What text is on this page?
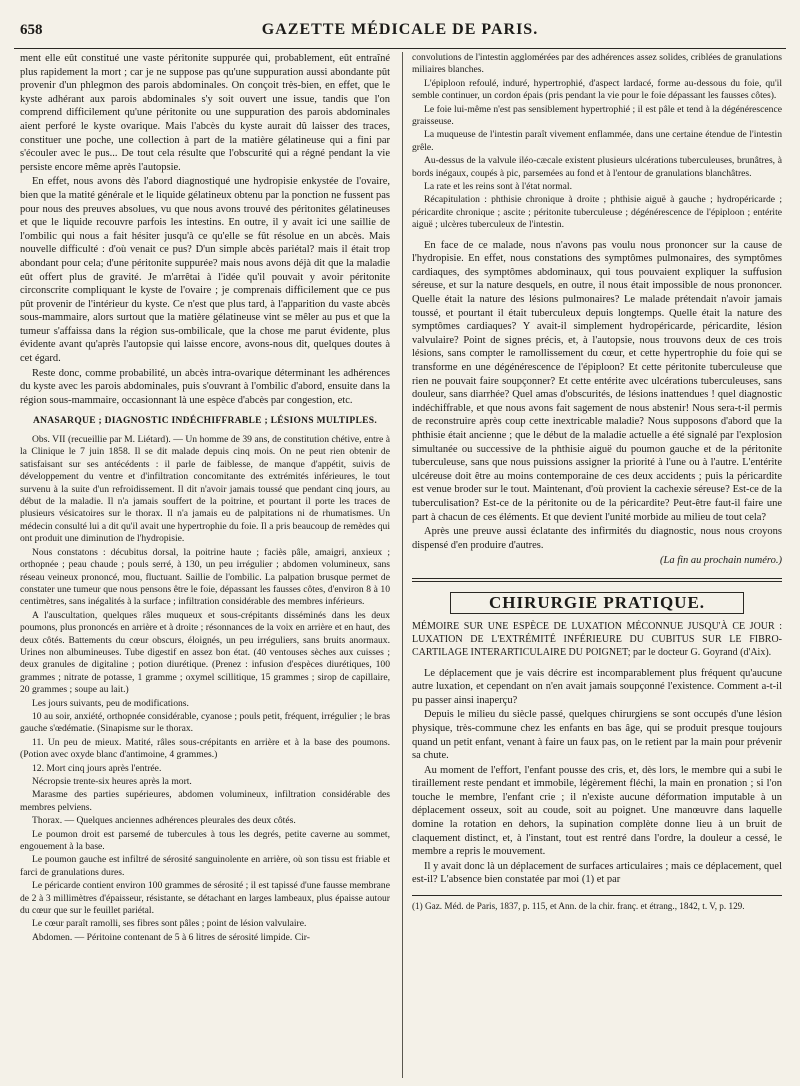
658	GAZETTE MÉDICALE DE PARIS.

ment elle eût constitué une vaste péritonite suppurée qui, probablement, eût entraîné plus rapidement la mort ; car je ne suppose pas qu'une suppuration aussi abondante pût provenir d'un phlegmon des parois abdominales. On conçoit très-bien, en effet, que le kyste adhérant aux parois abdominales s'y soit ouvert une issue, tandis que l'on comprend difficilement qu'une péritonite ou une suppuration des parois abdominales aient perforé le kyste ovarique. Mais l'abcès du kyste aurait dû laisser des traces, constituer une poche, une collection à part de la matière gélatineuse qui a fini par s'écouler avec le pus... De tout cela résulte que l'obscurité qui a régné pendant la vie persiste encore même après l'autopsie.

En effet, nous avons dès l'abord diagnostiqué une hydropisie enkystée de l'ovaire, bien que la matité générale et le liquide gélatineux obtenu par la ponction ne fussent pas pour nous des preuves absolues, vu que nous avons trouvé des péritonites gélatineuses et que le liquide recouvre parfois les intestins. En outre, il y avait ici une saillie de l'ombilic qui nous a fait hésiter jusqu'à ce qu'elle se fût résolue en un abcès. Mais nouvelle difficulté : d'où venait ce pus? D'un simple abcès pariétal? mais il était trop abondant pour cela; d'une péritonite suppurée? mais nous avons déjà dit que la maladie eût offert plus de gravité. Je m'arrêtai à l'idée qu'il pouvait y avoir péritonite circonscrite compliquant le kyste de l'ovaire ; je comprenais difficilement que ce pus pût provenir de l'intérieur du kyste. Ce n'est que plus tard, à l'apparition du vaste abcès sous-mammaire, alors surtout que la matière gélatineuse vint se mêler au pus et que la tumeur s'affaissa dans la région sus-ombilicale, que la chose me parut évidente, plus évidente avant qu'après l'autopsie qui laisse encore, avons-nous dit, quelques doutes à cet égard.

Reste donc, comme probabilité, un abcès intra-ovarique déterminant les adhérences du kyste avec les parois abdominales, puis s'ouvrant à l'ombilic d'abord, ensuite dans la région sous-mammaire, occasionnant là une espèce d'abcès par congestion, etc.

ANASARQUE ; DIAGNOSTIC INDÉCHIFFRABLE ; LÉSIONS MULTIPLES.

Obs. VII (recueillie par M. Liétard). — Un homme de 39 ans, de constitution chétive, entre à la Clinique le 7 juin 1858. Il se dit malade depuis cinq mois. On ne peut rien obtenir de satisfaisant sur ses antécédents : il parle de faiblesse, de manque d'appétit, suivis de développement du ventre et d'infiltration concomitante des extrémités inférieures, le tout survenu à la suite d'un refroidissement. Il dit n'avoir jamais toussé que pendant cinq jours, au début de la maladie. Il n'a jamais souffert de la poitrine, et pourtant il porte les traces de plusieurs vésicatoires sur le thorax. Il n'a jamais eu de palpitations ni de rhumatismes. Un médecin consulté lui a dit qu'il avait une hypertrophie du foie. Il a pris beaucoup de remèdes qui ont produit une diminution de l'hydropisie.

Nous constatons : décubitus dorsal, la poitrine haute ; faciès pâle, amaigri, anxieux ; orthopnée ; peau chaude ; pouls serré, à 130, un peu irrégulier ; abdomen volumineux, sans réseau veineux prononcé, mou, fluctuant. Saillie de l'ombilic. La palpation brusque permet de constater une tumeur que nous pensons être le foie, dépassant les fausses côtes, d'environ 8 à 10 centimètres, sans inégalités à la surface ; infiltration considérable des membres inférieurs.

A l'auscultation, quelques râles muqueux et sous-crépitants disséminés dans les deux poumons, plus prononcés en arrière et à droite ; résonnances de la voix en arrière et en haut, des deux côtés. Battements du cœur obscurs, éloignés, un peu irréguliers, sans bruits anormaux. Urines non albumineuses. Tube digestif en assez bon état. (40 ventouses sèches aux cuisses ; deux granules de digitaline ; potion diurétique. (Prenez : infusion d'espèces diurétiques, 100 grammes ; nitrate de potasse, 1 gramme ; oxymel scillitique, 15 grammes ; sirop de capillaire, 20 grammes ; soupe au lait.)

Les jours suivants, peu de modifications.

10 au soir, anxiété, orthopnée considérable, cyanose ; pouls petit, fréquent, irrégulier ; le bras gauche s'œdématie. (Sinapisme sur le thorax.

11. Un peu de mieux. Matité, râles sous-crépitants en arrière et à la base des poumons. (Potion avec oxyde blanc d'antimoine, 4 grammes.)

12. Mort cinq jours après l'entrée.

Nécropsie trente-six heures après la mort.

Marasme des parties supérieures, abdomen volumineux, infiltration considérable des membres pelviens.

Thorax. — Quelques anciennes adhérences pleurales des deux côtés.

Le poumon droit est parsemé de tubercules à tous les degrés, petite caverne au sommet, engouement à la base.

Le poumon gauche est infiltré de sérosité sanguinolente en arrière, où son tissu est friable et farci de granulations dures.

Le péricarde contient environ 100 grammes de sérosité ; il est tapissé d'une fausse membrane de 2 à 3 millimètres d'épaisseur, résistante, se détachant en larges lambeaux, plus épaisse autour du cœur que sur le feuillet pariétal.

Le cœur paraît ramolli, ses fibres sont pâles ; point de lésion valvulaire.

Abdomen. — Péritoine contenant de 5 à 6 litres de sérosité limpide. Cir-

convolutions de l'intestin agglomérées par des adhérences assez solides, criblées de granulations miliaires blanches.

L'épiploon refoulé, induré, hypertrophié, d'aspect lardacé, forme au-dessous du foie, qu'il semble continuer, un cordon épais (pris pendant la vie pour le foie dépassant les fausses côtes).

Le foie lui-même n'est pas sensiblement hypertrophié ; il est pâle et tend à la dégénérescence graisseuse.

La muqueuse de l'intestin paraît vivement enflammée, dans une certaine étendue de l'intestin grêle.

Au-dessus de la valvule iléo-cæcale existent plusieurs ulcérations tuberculeuses, brunâtres, à bords inégaux, coupés à pic, parsemées au fond et à l'entour de granulations blanchâtres.

La rate et les reins sont à l'état normal.

Récapitulation : phthisie chronique à droite ; phthisie aiguë à gauche ; hydropéricarde ; péricardite chronique ; ascite ; péritonite tuberculeuse ; dégénérescence de l'épiploon ; entérite aiguë ; ulcères tuberculeux de l'intestin.

En face de ce malade, nous n'avons pas voulu nous prononcer sur la cause de l'hydropisie. En effet, nous constations des symptômes pulmonaires, des symptômes cardiaques, des symptômes abdominaux, qui tous pouvaient expliquer la suffusion séreuse, et sur la nature desquels, en outre, il nous était impossible de nous prononcer. Quelle était la nature des lésions pulmonaires? Le malade prétendait n'avoir jamais toussé, et pourtant il était tuberculeux depuis longtemps. Quelle était la nature des symptômes cardiaques? Y avait-il simplement hydropéricarde, péricardite, lésion valvulaire? Point de signes précis, et, à l'autopsie, nous trouvons deux de ces trois lésions, sans compter le ramollissement du cœur, et cette hypertrophie du foie qui se transforme en une dégénérescence de l'épiploon? Et cette péritonite tuberculeuse que rien ne pouvait faire soupçonner? Et cette entérite avec ulcérations tuberculeuses, sans douleur, sans diarrhée? Quel amas d'obscurités, de lésions inattendues ! quel diagnostic indéchiffrable, et que nous avons fait sagement de nous abstenir! Nous sera-t-il permis de reconstruire après coup cette inextricable maladie? Nous supposons d'abord que la phthisie était ancienne ; que le début de la maladie actuelle a été signalé par l'explosion simultanée ou successive de la phthisie aiguë du poumon gauche et de la péritonite tuberculeuse, sans que nous puissions assigner la priorité à l'une ou à l'autre. L'entérite ulcéreuse doit être au moins contemporaine de ces deux accidents ; puis la péricardite est venue broder sur le tout. Maintenant, d'où provient la cachexie séreuse? Est-ce de la tuberculisation? Est-ce de la péritonite ou de la péricardite? Peut-être faut-il faire une part à chacun de ces éléments. Et que devient l'unité morbide au milieu de tout cela?

Après une preuve aussi éclatante des infirmités du diagnostic, nous nous croyons dispensé d'en produire d'autres.

(La fin au prochain numéro.)

CHIRURGIE PRATIQUE.

MÉMOIRE SUR UNE ESPÈCE DE LUXATION MÉCONNUE JUSQU'À CE JOUR : LUXATION DE L'EXTRÉMITÉ INFÉRIEURE DU CUBITUS SUR LE FIBRO-CARTILAGE INTERARTICULAIRE DU POIGNET; par le docteur G. Goyrand (d'Aix).

Le déplacement que je vais décrire est incomparablement plus fréquent qu'aucune autre luxation, et cependant on n'en avait jamais soupçonné l'existence. Comment a-t-il pu passer ainsi inaperçu?

Depuis le milieu du siècle passé, quelques chirurgiens se sont occupés d'une lésion physique, très-commune chez les enfants en bas âge, qui se produit presque toujours quand un petit enfant, venant à faire un faux pas, on le retient par la main pour prévenir sa chute.

Au moment de l'effort, l'enfant pousse des cris, et, dès lors, le membre qui a subi le tiraillement reste pendant et immobile, légèrement fléchi, la main en pronation ; si l'on touche le membre, l'enfant crie ; il n'existe aucune déformation imputable à un déplacement osseux, soit au coude, soit au poignet. Une manœuvre dans laquelle domine la rotation en dehors, la supination complète donne lieu à un bruit de claquement distinct, et, à l'instant, tout est rentré dans l'ordre, la douleur a cessé, le membre a repris le mouvement.

Il y avait donc là un déplacement de surfaces articulaires ; mais ce déplacement, quel est-il? L'absence bien constatée par moi (1) et par

(1) Gaz. Méd. de Paris, 1837, p. 115, et Ann. de la chir. franç. et étrang., 1842, t. V, p. 129.
